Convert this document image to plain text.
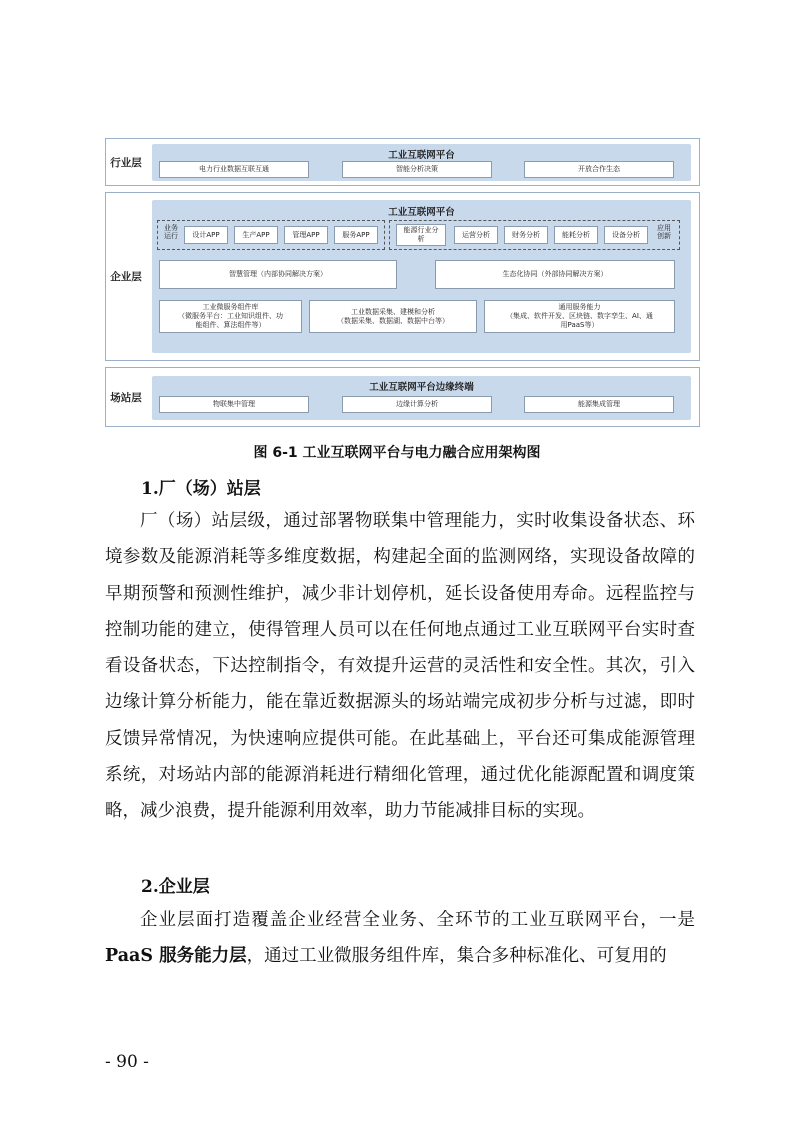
行业层
工业互联网平台
电力行业数据互联互通	智能分析决策	开放合作生态
企业层
工业互联网平台
业务
运行	设计APP	生产APP	管理APP	服务APP
能源行业分
析
运营分析	财务分析	能耗分析	设备分析
应用
创新
智慧管理（内部协同解决方案）	生态化协同（外部协同解决方案）
工业微服务组件库
（微服务平台：工业知识组件、功
能组件、算法组件等）
工业数据采集、建模和分析
（数据采集、数据湖、数据中台等）
通用服务能力
（集成、软件开发、区块链、数字孪生、AI、通
用PaaS等）
场站层
工业互联网平台边缘终端
物联集中管理	边缘计算分析	能源集成管理
图 6-1 工业互联网平台与电力融合应用架构图
1.厂（场）站层
厂（场）站层级，通过部署物联集中管理能力，实时收集设备状态、环境参数及能源消耗等多维度数据，构建起全面的监测网络，实现设备故障的早期预警和预测性维护，减少非计划停机，延长设备使用寿命。远程监控与控制功能的建立，使得管理人员可以在任何地点通过工业互联网平台实时查看设备状态，下达控制指令，有效提升运营的灵活性和安全性。其次，引入边缘计算分析能力，能在靠近数据源头的场站端完成初步分析与过滤，即时反馈异常情况，为快速响应提供可能。在此基础上，平台还可集成能源管理系统，对场站内部的能源消耗进行精细化管理，通过优化能源配置和调度策略，减少浪费，提升能源利用效率，助力节能减排目标的实现。
2.企业层
企业层面打造覆盖企业经营全业务、全环节的工业互联网平台，一是PaaS 服务能力层，通过工业微服务组件库，集合多种标准化、可复用的
- 90 -
